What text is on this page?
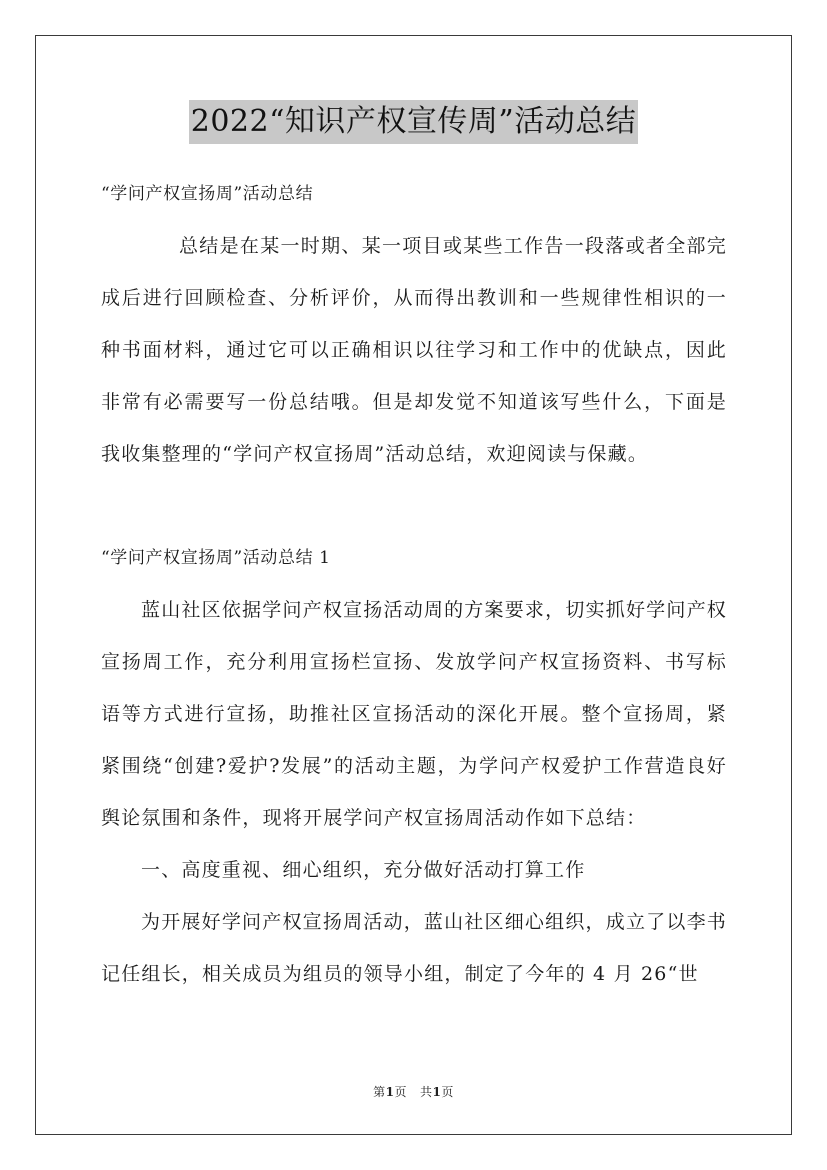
2022“知识产权宣传周”活动总结

“学问产权宣扬周”活动总结

总结是在某一时期、某一项目或某些工作告一段落或者全部完成后进行回顾检查、分析评价，从而得出教训和一些规律性相识的一种书面材料，通过它可以正确相识以往学习和工作中的优缺点，因此非常有必需要写一份总结哦。但是却发觉不知道该写些什么，下面是我收集整理的“学问产权宣扬周”活动总结，欢迎阅读与保藏。

“学问产权宣扬周”活动总结 1

蓝山社区依据学问产权宣扬活动周的方案要求，切实抓好学问产权宣扬周工作，充分利用宣扬栏宣扬、发放学问产权宣扬资料、书写标语等方式进行宣扬，助推社区宣扬活动的深化开展。整个宣扬周，紧紧围绕“创建?爱护?发展”的活动主题，为学问产权爱护工作营造良好舆论氛围和条件，现将开展学问产权宣扬周活动作如下总结：

一、高度重视、细心组织，充分做好活动打算工作

为开展好学问产权宣扬周活动，蓝山社区细心组织，成立了以李书记任组长，相关成员为组员的领导小组，制定了今年的 4 月 26“世

第1页 共1页
